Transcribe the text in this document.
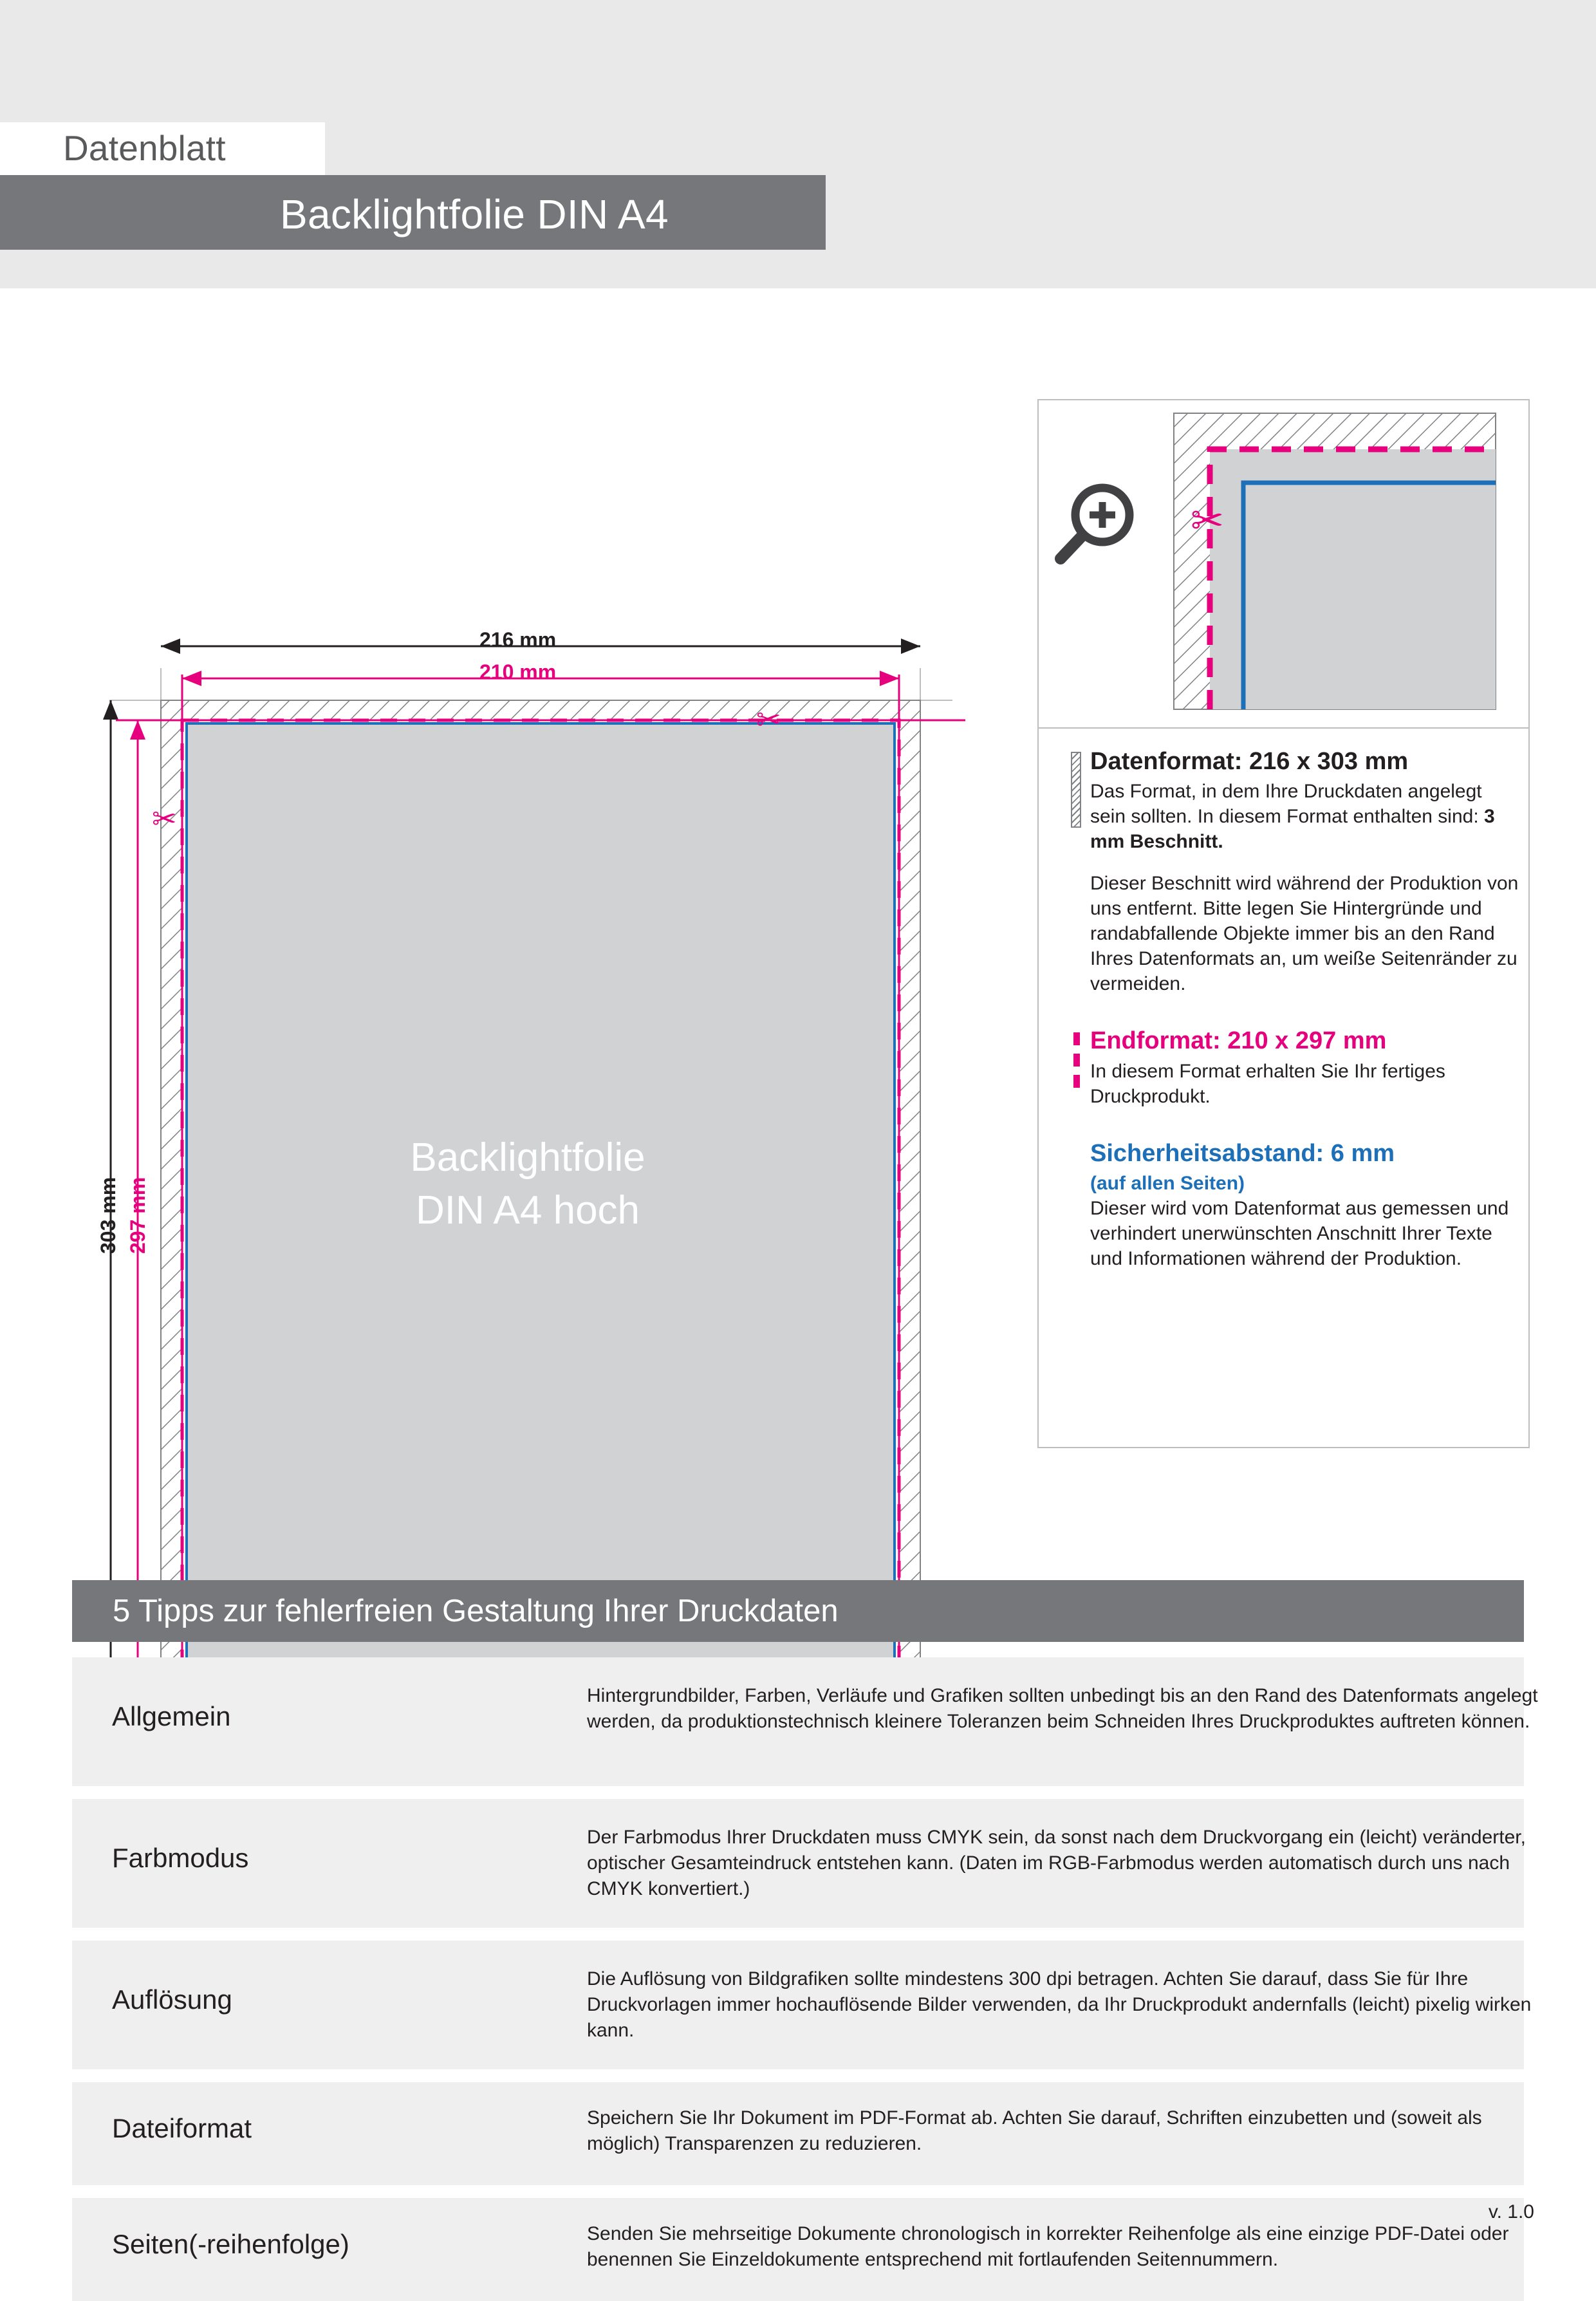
Datenblatt
Backlightfolie DIN A4
✂
✂
216 mm
210 mm
303 mm 297 mm
Backlightfolie
DIN A4 hoch
✂
Datenformat: 216 x 303 mm

Das Format, in dem Ihre Druckdaten angelegt sein sollten. In diesem Format enthalten sind: 3 mm Beschnitt.

Dieser Beschnitt wird während der Produktion von uns entfernt. Bitte legen Sie Hintergründe und randabfallende Objekte immer bis an den Rand Ihres Datenformats an, um weiße Seitenränder zu vermeiden.

Endformat: 210 x 297 mm

In diesem Format erhalten Sie Ihr fertiges Druckprodukt.

Sicherheitsabstand: 6 mm
(auf allen Seiten)

Dieser wird vom Datenformat aus gemessen und verhindert unerwünschten Anschnitt Ihrer Texte und Informationen während der Produktion.

5 Tipps zur fehlerfreien Gestaltung Ihrer Druckdaten
Allgemein
Hintergrundbilder, Farben, Verläufe und Grafiken sollten unbedingt bis an den Rand des Datenformats angelegt werden, da produktionstechnisch kleinere Toleranzen beim Schneiden Ihres Druckproduktes auftreten können.
Farbmodus
Der Farbmodus Ihrer Druckdaten muss CMYK sein, da sonst nach dem Druckvorgang ein (leicht) veränderter, optischer Gesamteindruck entstehen kann. (Daten im RGB-Farbmodus werden automatisch durch uns nach CMYK konvertiert.)
Auflösung
Die Auflösung von Bildgrafiken sollte mindestens 300 dpi betragen. Achten Sie darauf, dass Sie für Ihre Druckvorlagen immer hochauflösende Bilder verwenden, da Ihr Druckprodukt andernfalls (leicht) pixelig wirken kann.
Dateiformat	Speichern Sie Ihr Dokument im PDF-Format ab. Achten Sie darauf, Schriften einzubetten und (soweit als möglich) Transparenzen zu reduzieren.
Seiten(-reihenfolge)	Senden Sie mehrseitige Dokumente chronologisch in korrekter Reihenfolge als eine einzige PDF-Datei oder benennen Sie Einzeldokumente entsprechend mit fortlaufenden Seitennummern.
v. 1.0
